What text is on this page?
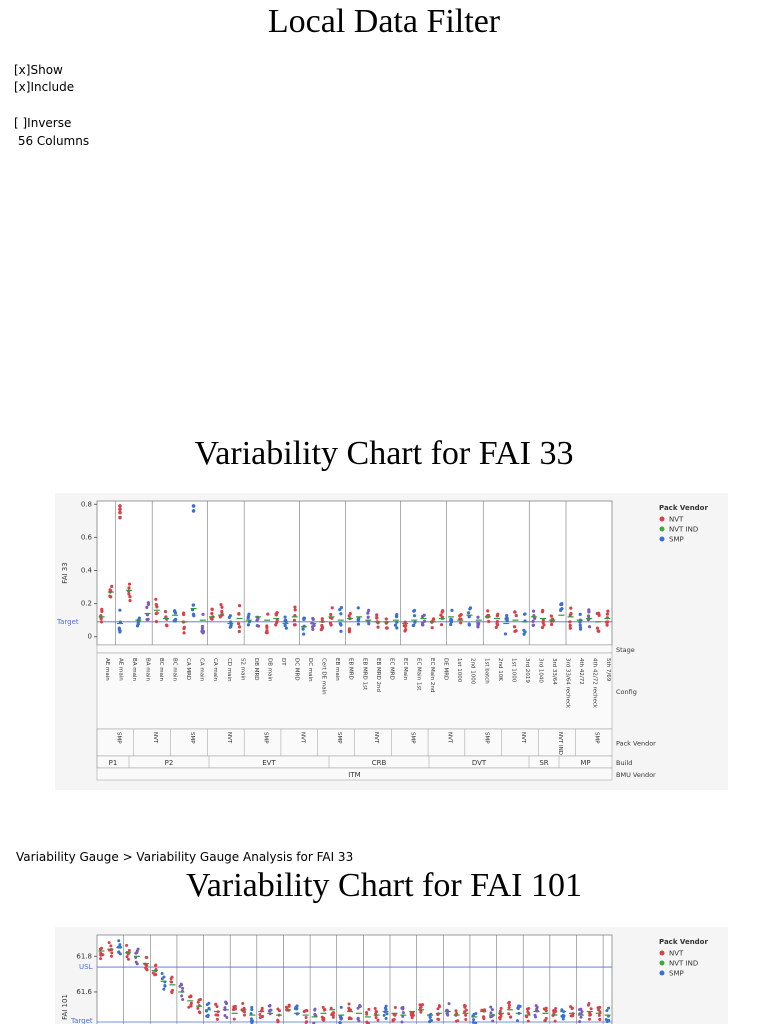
Local Data Filter
[x]Show
[x]Include
[ ]Inverse
56 Columns
Variability Chart for FAI 33
FAI 33
0.8
0.6
0.4
0.2
0
Target
Stage
Config
Pack Vendor
Build
BMU Vendor
AE main AE main BA main BA main BC main BC main CA MRD CA main CA main CD main S2 main DB MRD DB main DT DC MRD DC main Cert DE main EB main EB MRD EB MRD 1st EB MRD 2nd EC MRD EC Main EC Main 1st EC Main 2nd DE MRD 1st 1000 2nd 1000 1st batch 2nd 10K 1st 1000 3rd 2019 3rd 1040 3rd 33/64 3rd 33/64 recheck 4th 42/72 4th 42/72 recheck 5th 7/69
SMP	NVT	SMP	NVT	SMP	NVT	SMP	NVT	SMP	NVT	SMP	NVT	NVT IND	SMP
P1	P2	EVT	CRB	DVT	SR	MP
ITM
Pack Vendor
NVT
NVT IND
SMP
Variability Gauge > Variability Gauge Analysis for FAI 33
Variability Chart for FAI 101
FAI 101
61.8
61.6
USL
Target
Pack Vendor
NVT
NVT IND
SMP
